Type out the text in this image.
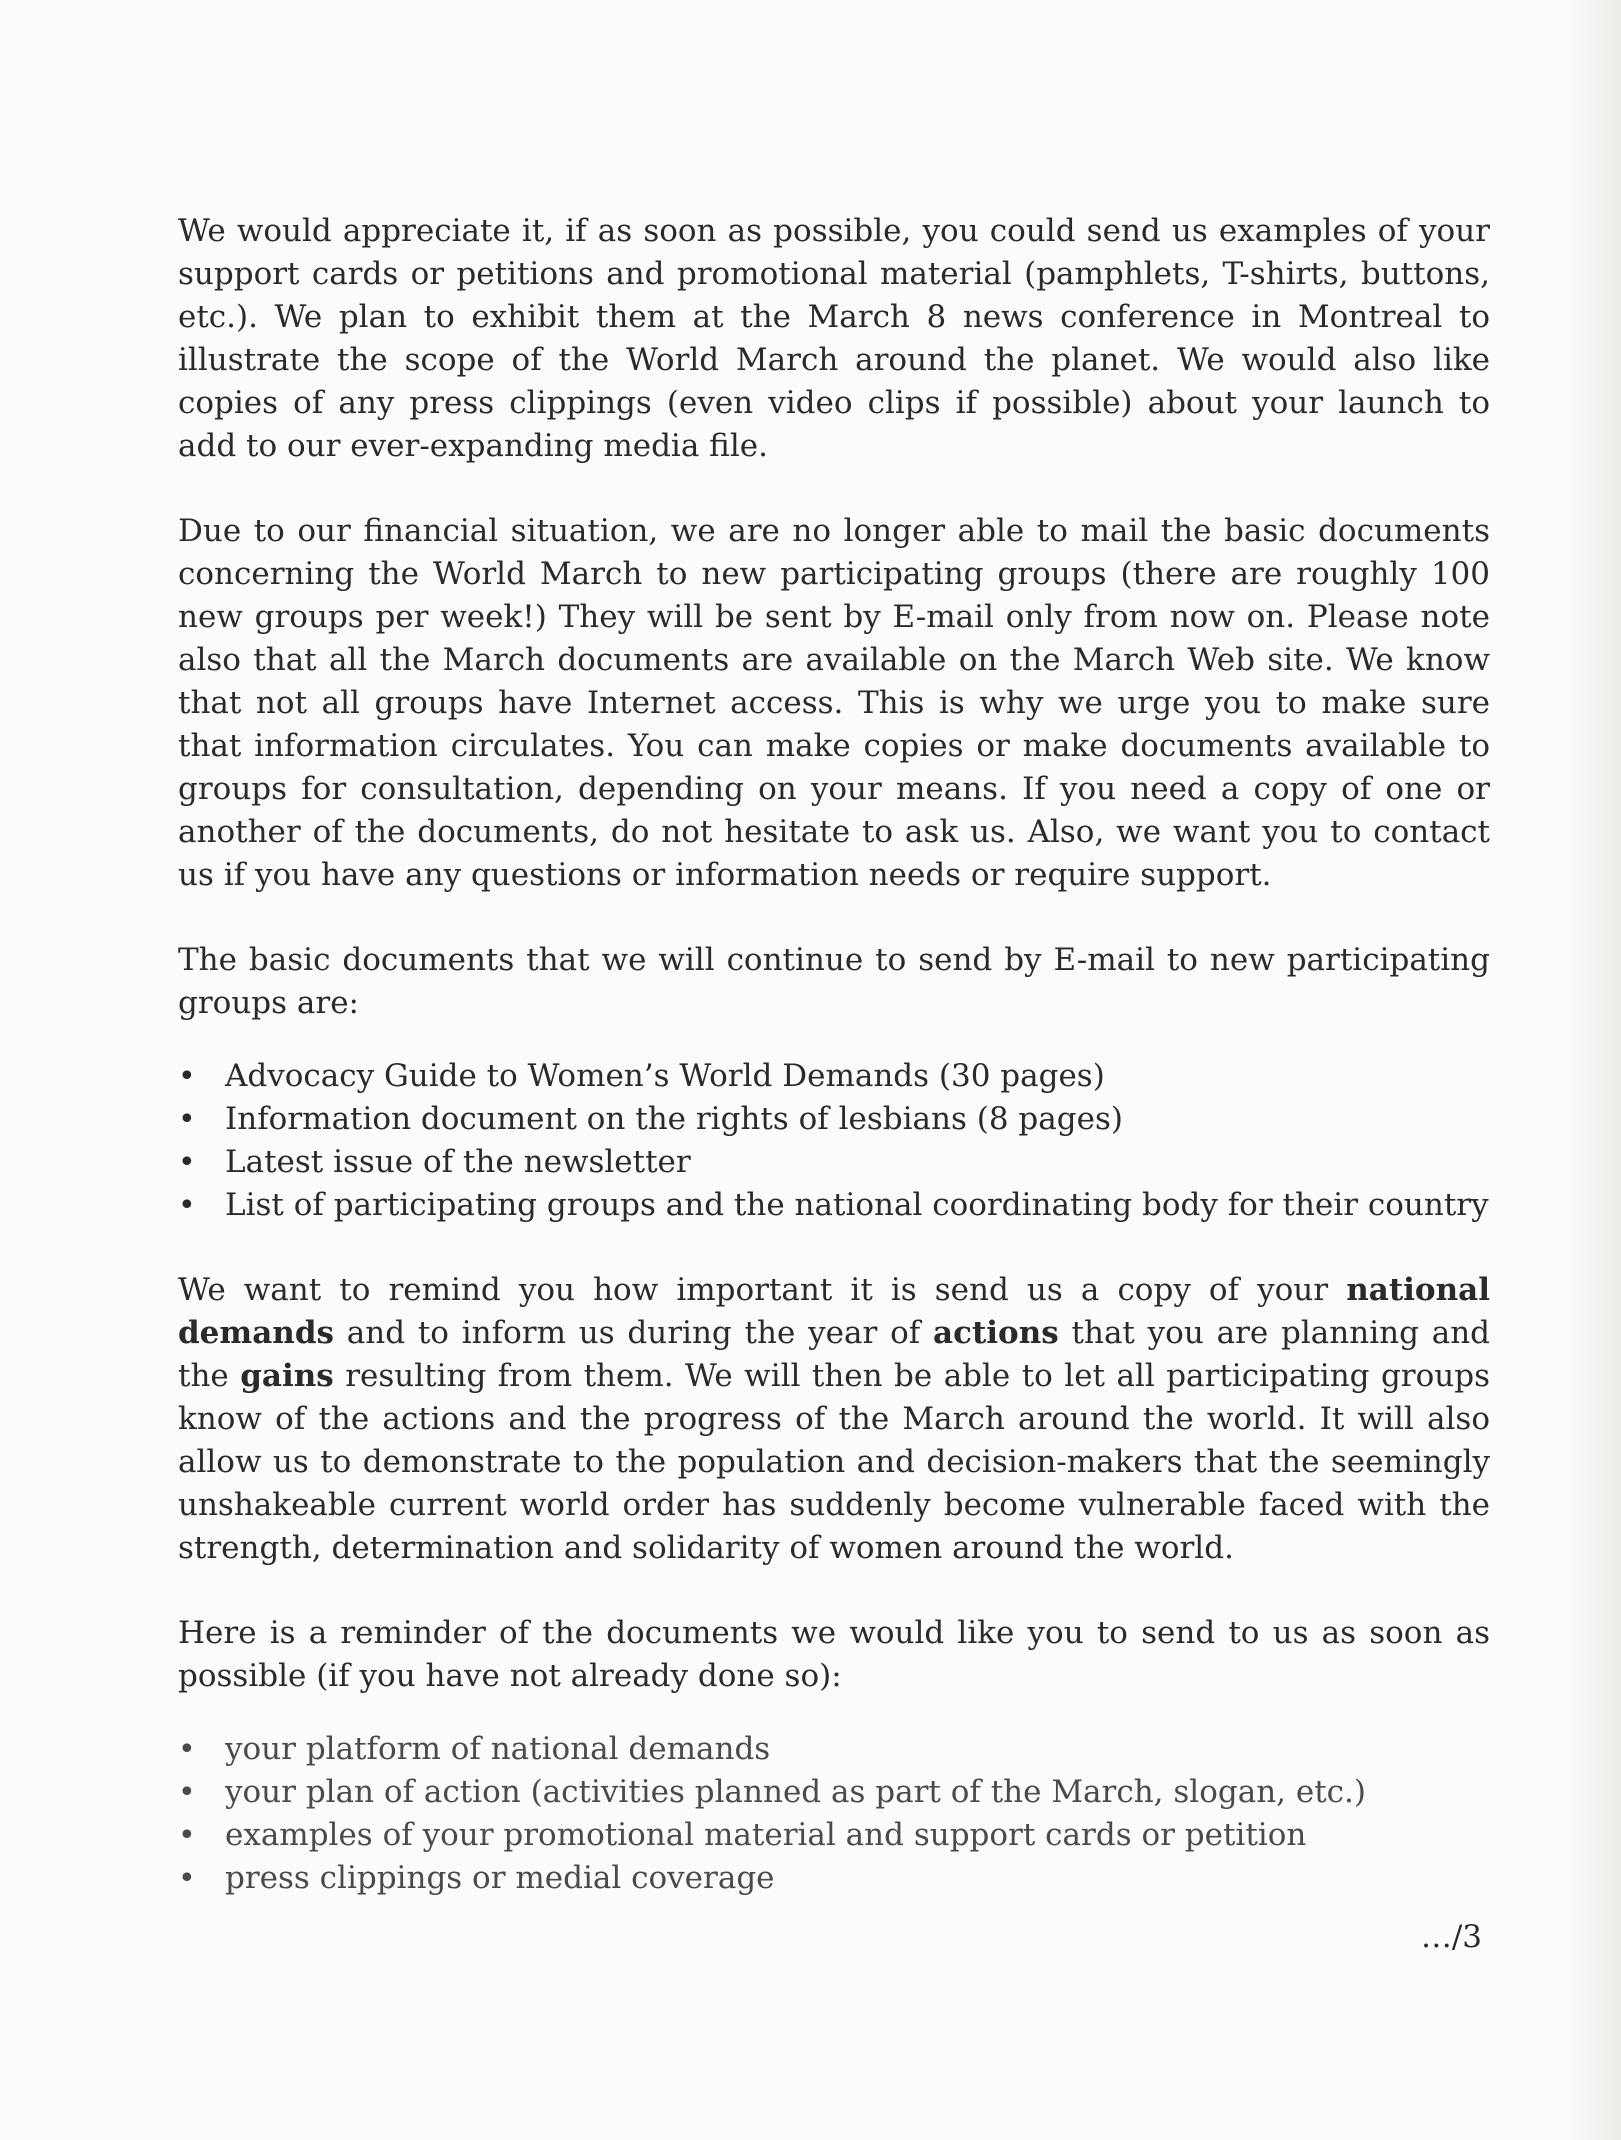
We would appreciate it, if as soon as possible, you could send us examples of your support cards or petitions and promotional material (pamphlets, T-shirts, buttons, etc.). We plan to exhibit them at the March 8 news conference in Montreal to illustrate the scope of the World March around the planet. We would also like copies of any press clippings (even video clips if possible) about your launch to add to our ever-expanding media file.

Due to our financial situation, we are no longer able to mail the basic documents concerning the World March to new participating groups (there are roughly 100 new groups per week!) They will be sent by E-mail only from now on. Please note also that all the March documents are available on the March Web site. We know that not all groups have Internet access. This is why we urge you to make sure that information circulates. You can make copies or make documents available to groups for consultation, depending on your means. If you need a copy of one or another of the documents, do not hesitate to ask us. Also, we want you to contact us if you have any questions or information needs or require support.

The basic documents that we will continue to send by E-mail to new participating groups are:

• Advocacy Guide to Women’s World Demands (30 pages)
• Information document on the rights of lesbians (8 pages)
• Latest issue of the newsletter
• List of participating groups and the national coordinating body for their country

We want to remind you how important it is send us a copy of your national demands and to inform us during the year of actions that you are planning and the gains resulting from them. We will then be able to let all participating groups know of the actions and the progress of the March around the world. It will also allow us to demonstrate to the population and decision-makers that the seemingly unshakeable current world order has suddenly become vulnerable faced with the strength, determination and solidarity of women around the world.

Here is a reminder of the documents we would like you to send to us as soon as possible (if you have not already done so):

• your platform of national demands
• your plan of action (activities planned as part of the March, slogan, etc.)
• examples of your promotional material and support cards or petition
• press clippings or medial coverage

…/3
